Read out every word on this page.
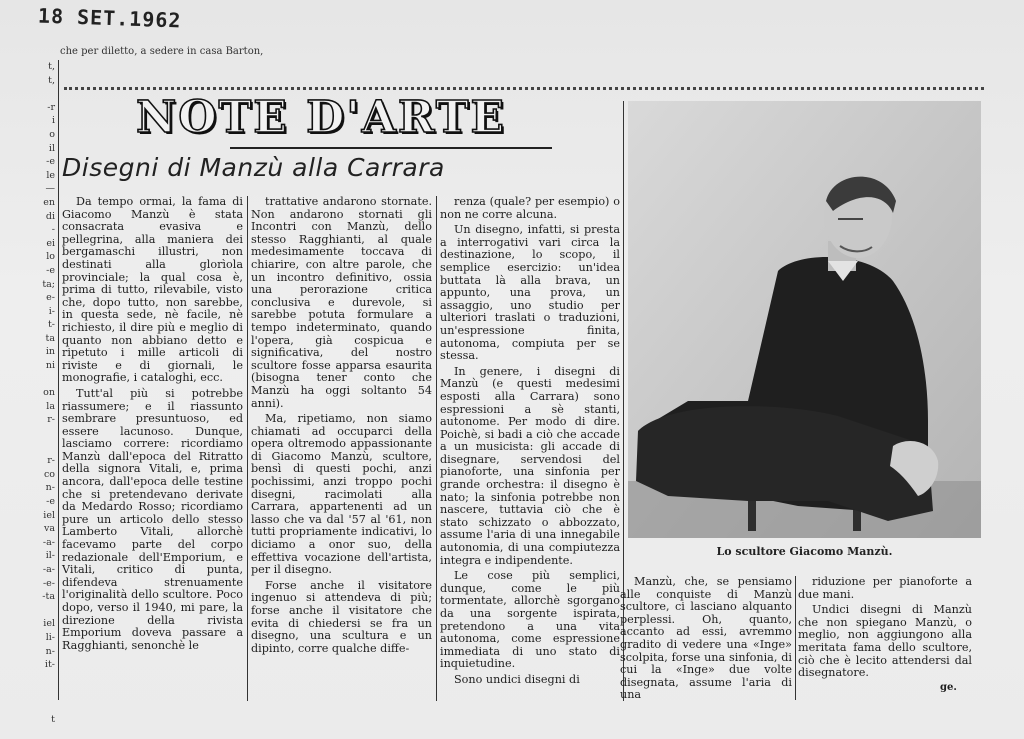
18 SET.1962
che per diletto, a sedere in casa Barton,
t,
t,
-r
i
o
il
-e
le
—
en
di
-
ei
lo
-e
ta;
e-
i-
t-
ta
in
ni
on
la
r-
r-
co
n-
-e
iel
va
-a-
il-
-a-
-e-
-ta
iel
li-
n-
it-
t
NOTE D'ARTE
Disegni di Manzù alla Carrara

Da tempo ormai, la fama di Giacomo Manzù è stata consacrata evasiva e pellegrina, alla maniera dei bergamaschi illustri, non destinati alla glorìola provinciale; la qual cosa è, prima di tutto, rilevabile, visto che, dopo tutto, non sarebbe, in questa sede, nè facile, nè richiesto, il dire più e meglio di quanto non abbiano detto e ripetuto i mille articoli di riviste e di giornali, le monografie, i cataloghi, ecc.

Tutt'al più si potrebbe riassumere; e il riassunto sembrare presuntuoso, ed essere lacunoso. Dunque, lasciamo correre: ricordiamo Manzù dall'epoca del Ritratto della signora Vitali, e, prima ancora, dall'epoca delle testine che si pretendevano derivate da Medardo Rosso; ricordiamo pure un articolo dello stesso Lamberto Vitali, allorchè facevamo parte del corpo redazionale dell'Emporium, e Vitali, critico di punta, difendeva strenuamente l'originalità dello scultore. Poco dopo, verso il 1940, mi pare, la direzione della rivista Emporium doveva passare a Ragghianti, senonchè le

trattative andarono stornate. Non andarono stornati gli Incontri con Manzù, dello stesso Ragghianti, al quale medesimamente toccava di chiarire, con altre parole, che un incontro definitivo, ossia una perorazione critica conclusiva e durevole, si sarebbe potuta formulare a tempo indeterminato, quando l'opera, già cospicua e significativa, del nostro scultore fosse apparsa esaurita (bisogna tener conto che Manzù ha oggi soltanto 54 anni).

Ma, ripetiamo, non siamo chiamati ad occuparci della opera oltremodo appassionante di Giacomo Manzù, scultore, bensì di questi pochi, anzi pochissimi, anzi troppo pochi disegni, racimolati alla Carrara, appartenenti ad un lasso che va dal '57 al '61, non tutti propriamente indicativi, lo diciamo a onor suo, della effettiva vocazione dell'artista, per il disegno.

Forse anche il visitatore ingenuo si attendeva di più; forse anche il visitatore che evita di chiedersi se fra un disegno, una scultura e un dipinto, corre qualche diffe-

renza (quale? per esempio) o non ne corre alcuna.

Un disegno, infatti, si presta a interrogativi vari circa la destinazione, lo scopo, il semplice esercizio: un'idea buttata là alla brava, un appunto, una prova, un assaggio, uno studio per ulteriori traslati o traduzioni, un'espressione finita, autonoma, compiuta per se stessa.

In genere, i disegni di Manzù (e questi medesimi esposti alla Carrara) sono espressioni a sè stanti, autonome. Per modo di dire. Poichè, si badi a ciò che accade a un musicista: gli accade di disegnare, servendosi del pianoforte, una sinfonia per grande orchestra: il disegno è nato; la sinfonia potrebbe non nascere, tuttavia ciò che è stato schizzato o abbozzato, assume l'aria di una innegabile autonomia, di una compiutezza integra e indipendente.

Le cose più semplici, dunque, come le più tormentate, allorchè sgorgano da una sorgente ispirata, pretendono a una vita autonoma, come espressione immediata di uno stato di inquietudine.

Sono undici disegni di

Manzù, che, se pensiamo alle conquiste di Manzù scultore, ci lasciano alquanto perplessi. Oh, quanto, accanto ad essi, avremmo gradito di vedere una «Inge» scolpita, forse una sinfonia, di cui la «Inge» due volte disegnata, assume l'aria di una

riduzione per pianoforte a due mani.

Undici disegni di Manzù che non spiegano Manzù, o meglio, non aggiungono alla meritata fama dello scultore, ciò che è lecito attendersi dal disegnatore.

Lo scultore Giacomo Manzù.
ge.
